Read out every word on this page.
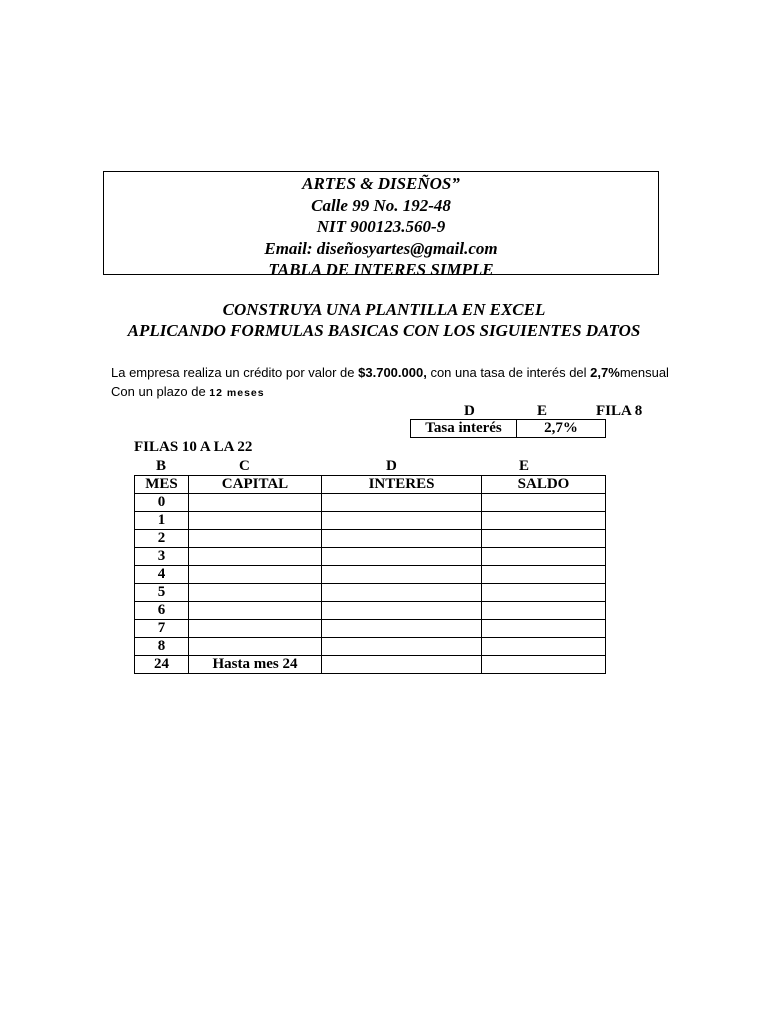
ARTES & DISEÑOS”
Calle 99 No. 192-48
NIT 900123.560-9
Email: diseñosyartes@gmail.com
TABLA DE INTERES SIMPLE
CONSTRUYA UNA PLANTILLA EN EXCEL
APLICANDO FORMULAS BASICAS CON LOS SIGUIENTES DATOS
La empresa realiza un crédito por valor de $3.700.000, con una tasa de interés del 2,7%mensual
Con un plazo de 12 meses
D	E	FILA 8
Tasa interés	2,7%
FILAS 10 A LA 22
B	C	D	E
MES	CAPITAL	INTERES	SALDO
0			
1			
2			
3			
4			
5			
6			
7			
8			
24	Hasta mes 24		
